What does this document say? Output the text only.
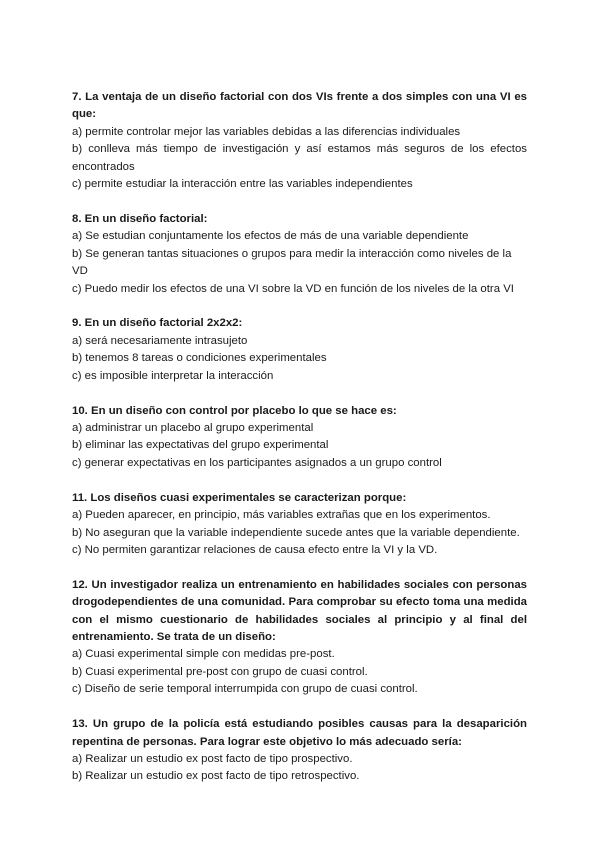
7. La ventaja de un diseño factorial con dos VIs frente a dos simples con una VI es que:

a) permite controlar mejor las variables debidas a las diferencias individuales
b) conlleva más tiempo de investigación y así estamos más seguros de los efectos encontrados
c) permite estudiar la interacción entre las variables independientes

8. En un diseño factorial:

a) Se estudian conjuntamente los efectos de más de una variable dependiente
b) Se generan tantas situaciones o grupos para medir la interacción como niveles de la VD
c) Puedo medir los efectos de una VI sobre la VD en función de los niveles de la otra VI

9. En un diseño factorial 2x2x2:

a) será necesariamente intrasujeto
b) tenemos 8 tareas o condiciones experimentales
c) es imposible interpretar la interacción

10. En un diseño con control por placebo lo que se hace es:

a) administrar un placebo al grupo experimental
b) eliminar las expectativas del grupo experimental
c) generar expectativas en los participantes asignados a un grupo control

11. Los diseños cuasi experimentales se caracterizan porque:

a) Pueden aparecer, en principio, más variables extrañas que en los experimentos.
b) No aseguran que la variable independiente sucede antes que la variable dependiente.
c) No permiten garantizar relaciones de causa efecto entre la VI y la VD.

12. Un investigador realiza un entrenamiento en habilidades sociales con personas drogodependientes de una comunidad. Para comprobar su efecto toma una medida con el mismo cuestionario de habilidades sociales al principio y al final del entrenamiento. Se trata de un diseño:

a) Cuasi experimental simple con medidas pre-post.
b) Cuasi experimental pre-post con grupo de cuasi control.
c) Diseño de serie temporal interrumpida con grupo de cuasi control.

13. Un grupo de la policía está estudiando posibles causas para la desaparición repentina de personas. Para lograr este objetivo lo más adecuado sería:

a) Realizar un estudio ex post facto de tipo prospectivo.
b) Realizar un estudio ex post facto de tipo retrospectivo.
